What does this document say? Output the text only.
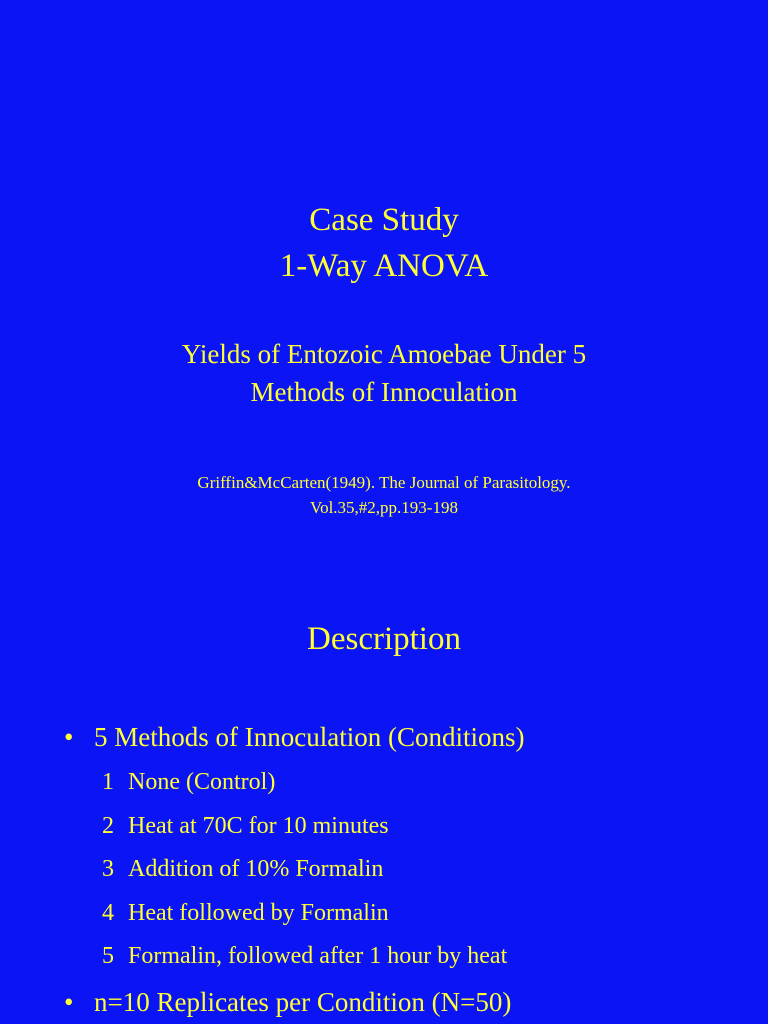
Case Study
1-Way ANOVA
Yields of Entozoic Amoebae Under 5
Methods of Innoculation
Griffin&McCarten(1949). The Journal of Parasitology.
Vol.35,#2,pp.193-198
Description
• 5 Methods of Innoculation (Conditions)
1 None (Control)
2 Heat at 70C for 10 minutes
3 Addition of 10% Formalin
4 Heat followed by Formalin
5 Formalin, followed after 1 hour by heat
• n=10 Replicates per Condition (N=50)
